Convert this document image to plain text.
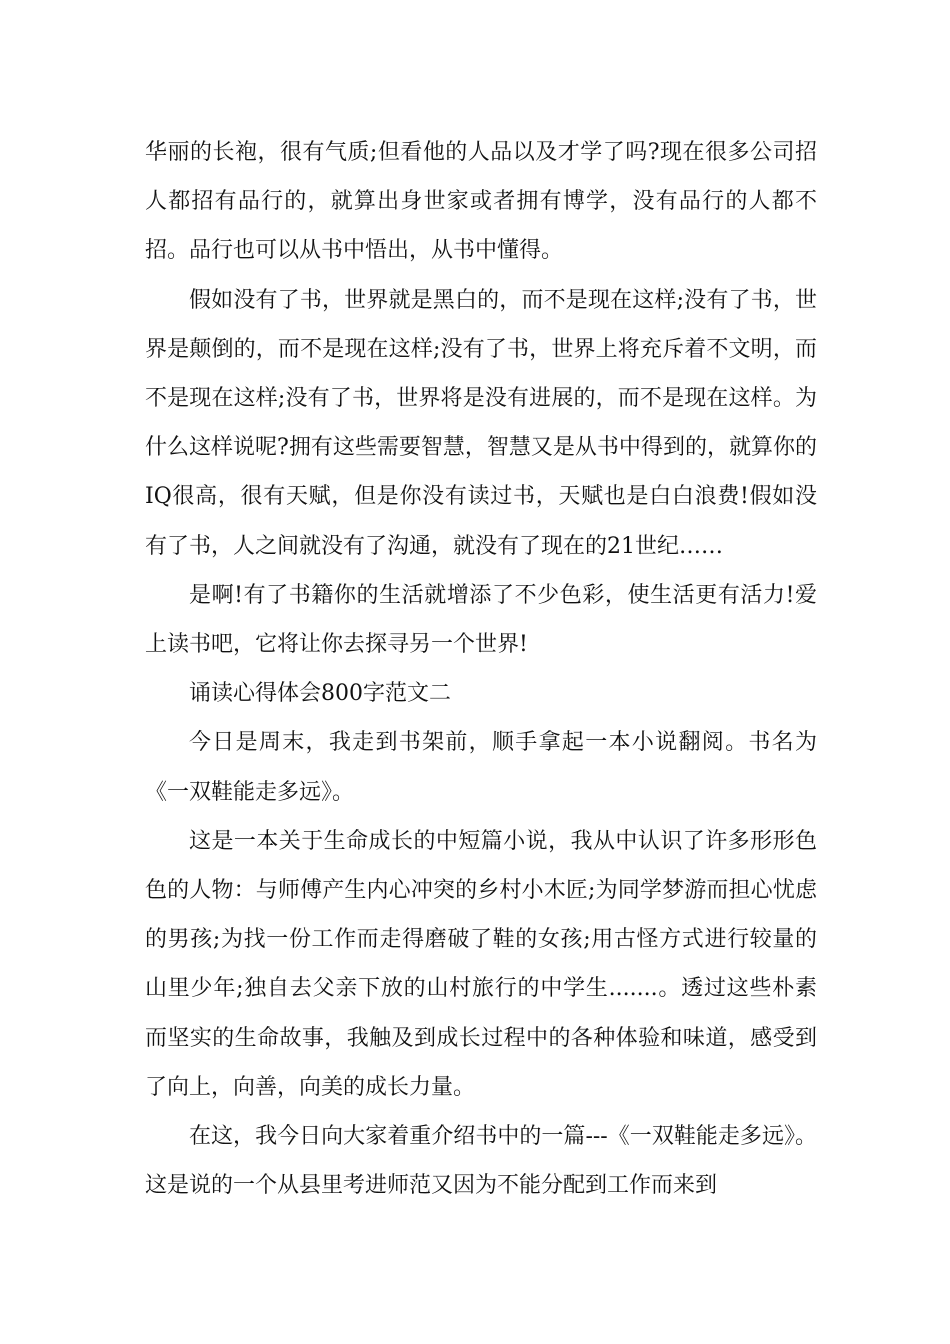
华丽的长袍，很有气质;但看他的人品以及才学了吗?现在很多公司招人都招有品行的，就算出身世家或者拥有博学，没有品行的人都不招。品行也可以从书中悟出，从书中懂得。

假如没有了书，世界就是黑白的，而不是现在这样;没有了书，世界是颠倒的，而不是现在这样;没有了书，世界上将充斥着不文明，而不是现在这样;没有了书，世界将是没有进展的，而不是现在这样。为什么这样说呢?拥有这些需要智慧，智慧又是从书中得到的，就算你的IQ很高，很有天赋，但是你没有读过书，天赋也是白白浪费!假如没有了书，人之间就没有了沟通，就没有了现在的21世纪……

是啊!有了书籍你的生活就增添了不少色彩，使生活更有活力!爱上读书吧，它将让你去探寻另一个世界!

诵读心得体会800字范文二

今日是周末，我走到书架前，顺手拿起一本小说翻阅。书名为《一双鞋能走多远》。

这是一本关于生命成长的中短篇小说，我从中认识了许多形形色色的人物：与师傅产生内心冲突的乡村小木匠;为同学梦游而担心忧虑的男孩;为找一份工作而走得磨破了鞋的女孩;用古怪方式进行较量的山里少年;独自去父亲下放的山村旅行的中学生.......。透过这些朴素而坚实的生命故事，我触及到成长过程中的各种体验和味道，感受到了向上，向善，向美的成长力量。

在这，我今日向大家着重介绍书中的一篇---《一双鞋能走多远》。这是说的一个从县里考进师范又因为不能分配到工作而来到
